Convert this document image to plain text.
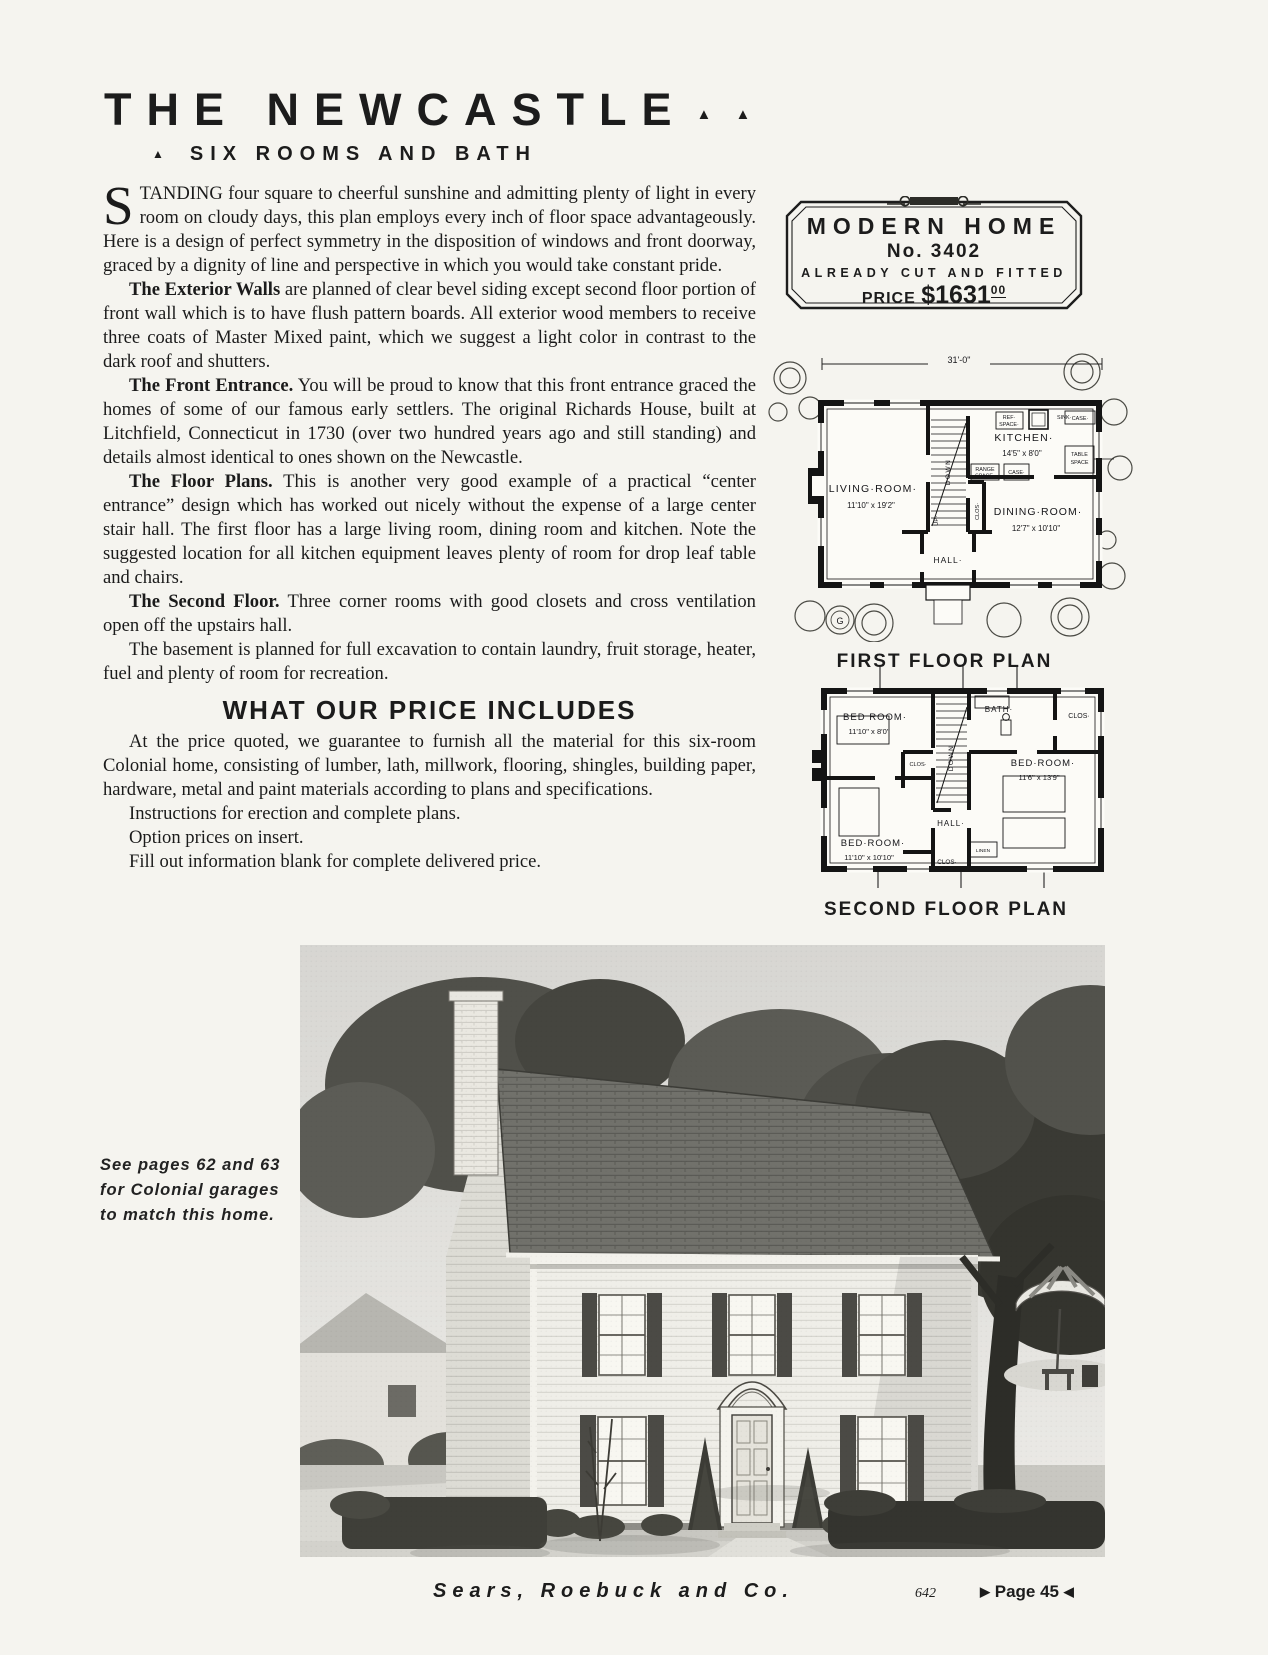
THE NEWCASTLE ▲ ▲
▲ SIX ROOMS AND BATH

STANDING four square to cheerful sunshine and admitting plenty of light in every room on cloudy days, this plan employs every inch of floor space advantageously. Here is a design of perfect symmetry in the disposition of windows and front doorway, graced by a dignity of line and perspective in which you would take constant pride.

The Exterior Walls are planned of clear bevel siding except second floor portion of front wall which is to have flush pattern boards. All exterior wood members to receive three coats of Master Mixed paint, which we suggest a light color in contrast to the dark roof and shutters.

The Front Entrance. You will be proud to know that this front entrance graced the homes of some of our famous early settlers. The original Richards House, built at Litchfield, Connecticut in 1730 (over two hundred years ago and still standing) and details almost identical to ones shown on the Newcastle.

The Floor Plans. This is another very good example of a practical “center entrance” design which has worked out nicely without the expense of a large center stair hall. The first floor has a large living room, dining room and kitchen. Note the suggested location for all kitchen equipment leaves plenty of room for drop leaf table and chairs.

The Second Floor. Three corner rooms with good closets and cross ventilation open off the upstairs hall.

The basement is planned for full excavation to contain laundry, fruit storage, heater, fuel and plenty of room for recreation.

WHAT OUR PRICE INCLUDES

At the price quoted, we guarantee to furnish all the material for this six-room Colonial home, consisting of lumber, lath, millwork, flooring, shingles, building paper, hardware, metal and paint materials according to plans and specifications.

Instructions for erection and complete plans.

Option prices on insert.

Fill out information blank for complete delivered price.

MODERN HOME
No. 3402
ALREADY CUT AND FITTED
PRICE $1631$^{00}$
31'-0"
DOWN
UP·
CLOS·
REF·
SPACE·
SINK· CASE·
RANGE
SPACE·
CASE·
TABLE
SPACE
LIVING·ROOM·
11'10" x 19'2"
KITCHEN·
14'5" x 8'0"
DINING·ROOM·
12'7" x 10'10"
HALL·
G
FIRST FLOOR PLAN
DOWN
LINEN
BED ROOM·
11'10" x 8'0"
BATH·
CLOS·
CLOS·	BED·ROOM·
11'6" x 13'9"
HALL·
BED·ROOM·
11'10" x 10'10"
CLOS·
SECOND FLOOR PLAN
See pages 62 and 63
for Colonial garages
to match this home.
Sears, Roebuck and Co.	642	▶ Page 45 ◀
